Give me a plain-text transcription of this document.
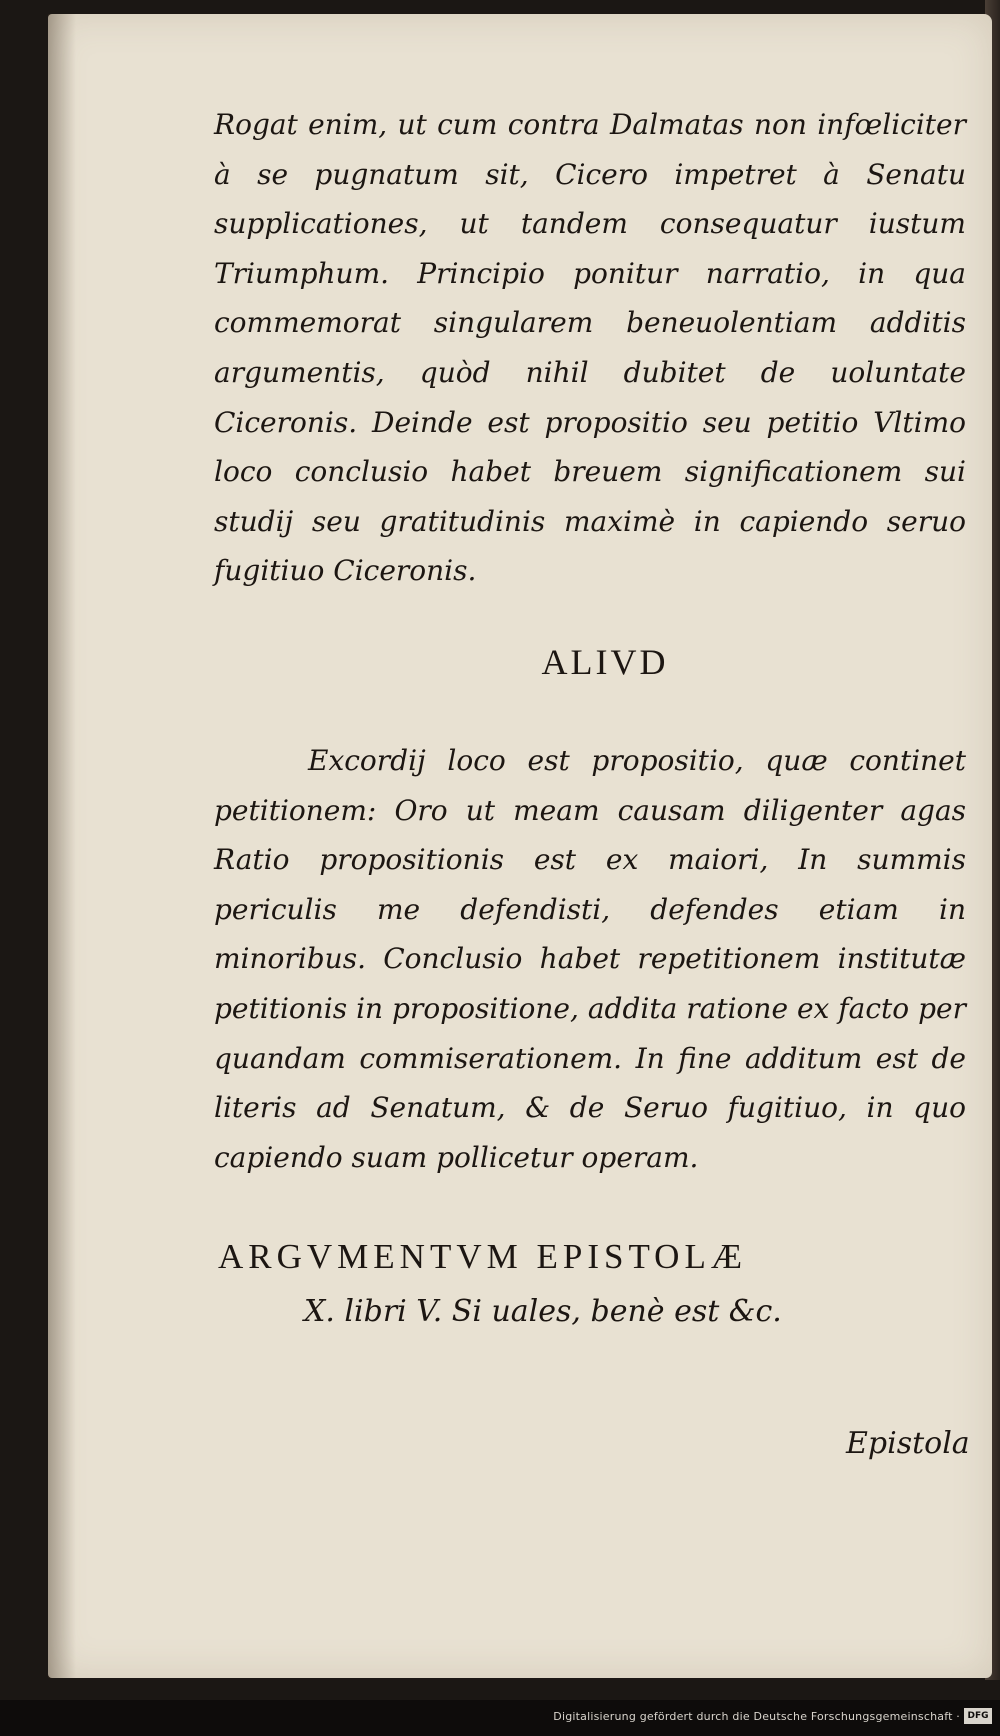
Rogat enim, ut cum contra Dalmatas non infœliciter à se pugnatum sit, Cicero impetret à Senatu supplicationes, ut tandem consequatur iustum Triumphum. Principio ponitur narratio, in qua commemorat singularem beneuolentiam additis argumentis, quòd nihil dubitet de uoluntate Ciceronis. Deinde est propositio seu petitio Vltimo loco conclusio habet breuem significationem sui studij seu gratitudinis maximè in capiendo seruo fugitiuo Ciceronis.

ALIVD

Excordij loco est propositio, quæ continet petitionem: Oro ut meam causam diligenter agas Ratio propositionis est ex maiori, In summis periculis me defendisti, defendes etiam in minoribus. Conclusio habet repetitionem institutæ petitionis in propositione, addita ratione ex facto per quandam commiserationem. In fine additum est de literis ad Senatum, & de Seruo fugitiuo, in quo capiendo suam pollicetur operam.

ARGVMENTVM EPISTOLÆ

X. libri V. Si uales, benè est &c.

Epistola
Digitalisierung gefördert durch die Deutsche Forschungsgemeinschaft · DFG
